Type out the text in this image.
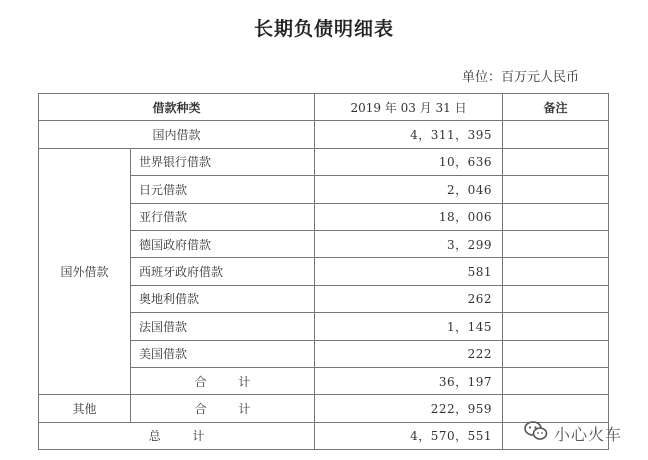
长期负债明细表
单位：百万元人民币
借款种类		2019 年 03 月 31 日	备注
国内借款		4，311，395	
国外借款	世界银行借款	10，636	
	日元借款	2，046	
	亚行借款	18，006	
	德国政府借款	3，299	
	西班牙政府借款	581	
	奥地利借款	262	
	法国借款	1，145	
	美国借款	222	
	合 计	36，197	
其他	合 计	222，959	
总 计		4，570，551		小心火车
